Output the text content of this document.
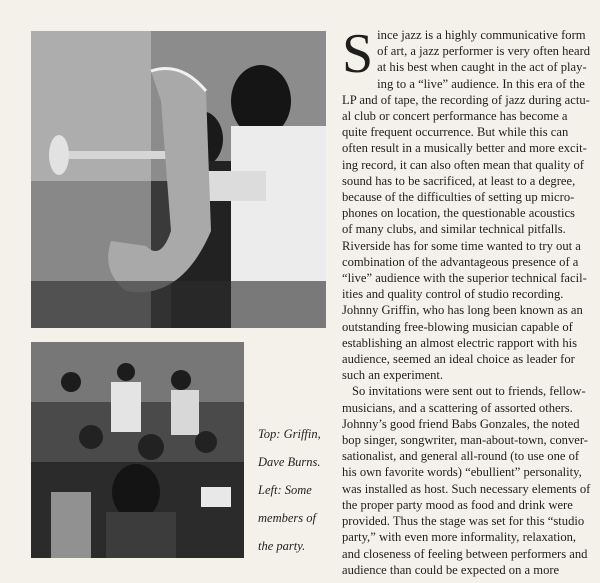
Top: Griffin,
Dave Burns.
Left: Some
members of
the party.
S ince jazz is a highly communicative form
of art, a jazz performer is very often heard
at his best when caught in the act of play-
ing to a “live” audience. In this era of the
LP and of tape, the recording of jazz during actu-
al club or concert performance has become a
quite frequent occurrence. But while this can
often result in a musically better and more excit-
ing record, it can also often mean that quality of
sound has to be sacrificed, at least to a degree,
because of the difficulties of setting up micro-
phones on location, the questionable acoustics
of many clubs, and similar technical pitfalls.
Riverside has for some time wanted to try out a
combination of the advantageous presence of a
“live” audience with the superior technical facil-
ities and quality control of studio recording.
Johnny Griffin, who has long been known as an
outstanding free-blowing musician capable of
establishing an almost electric rapport with his
audience, seemed an ideal choice as leader for
such an experiment.
So invitations were sent out to friends, fellow-
musicians, and a scattering of assorted others.
Johnny’s good friend Babs Gonzales, the noted
bop singer, songwriter, man-about-town, conver-
sationalist, and general all-round (to use one of
his own favorite words) “ebullient” personality,
was installed as host. Such necessary elements of
the proper party mood as food and drink were
provided. Thus the stage was set for this “studio
party,” with even more informality, relaxation,
and closeness of feeling between performers and
audience than could be expected on a more
